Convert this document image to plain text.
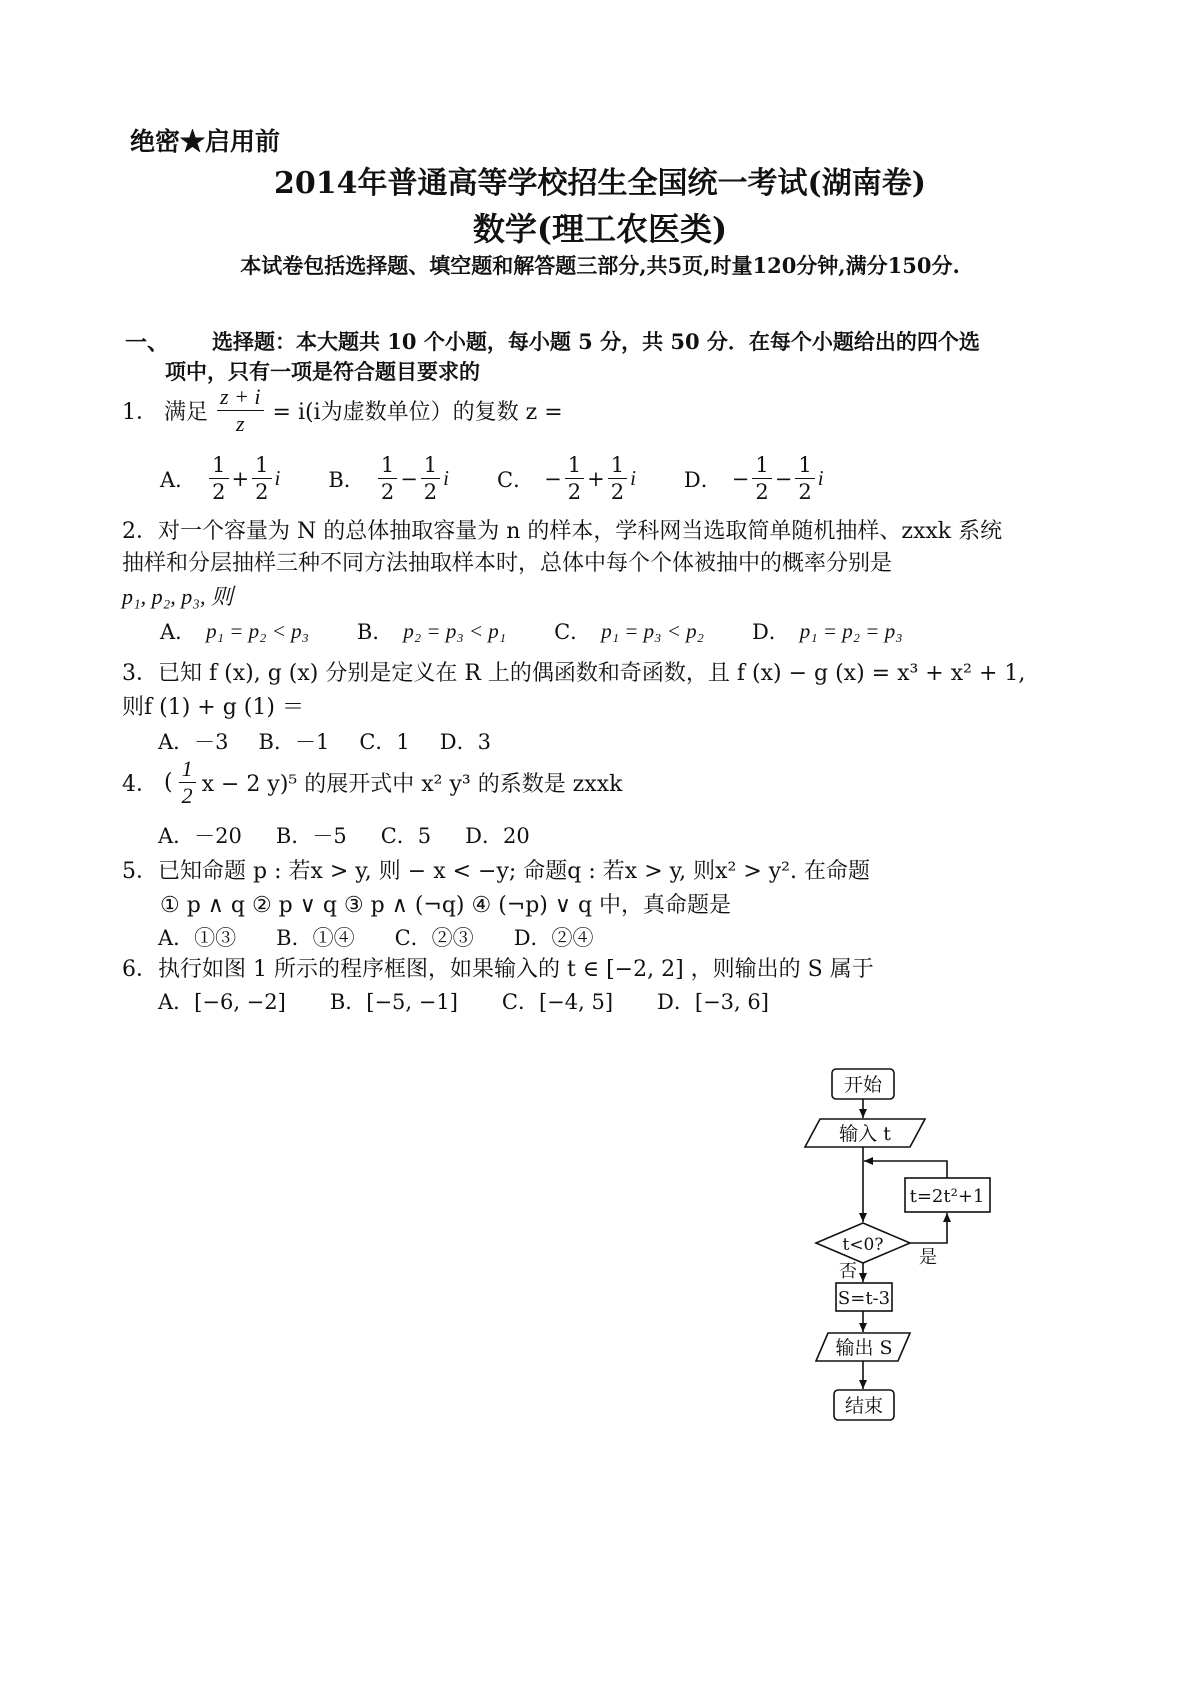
绝密★启用前
2014年普通高等学校招生全国统一考试(湖南卷)
数学(理工农医类)
本试卷包括选择题、填空题和解答题三部分,共5页,时量120分钟,满分150分.
一、 选择题：本大题共 10 个小题，每小题 5 分，共 50 分．在每个小题给出的四个选
项中，只有一项是符合题目要求的
1． 满足 $\frac{z + i}{z} = i(i$为虚数单位）的复数 z =
A． $\frac{1}{2} + \frac{1}{2}$ i B． $\frac{1}{2} - \frac{1}{2}$ i C． − $\frac{1}{2} + \frac{1}{2}$ i D． − $\frac{1}{2} - \frac{1}{2}$ i
2．对一个容量为 N 的总体抽取容量为 n 的样本，学科网当选取简单随机抽样、zxxk 系统
抽样和分层抽样三种不同方法抽取样本时，总体中每个个体被抽中的概率分别是
p₁, p₂, p₃, 则
A． p₁ = p₂ < p₃ B． p₂ = p₃ < p₁ C． p₁ = p₃ < p₂ D． p₁ = p₂ = p₃
3．已知 f (x), g (x) 分别是定义在 R 上的偶函数和奇函数，且 f (x) − g (x) = x³ + x² + 1,
则f (1) + g (1) ＝
A．－3 B．－1 C．1 D．3
4． ( $\frac{1}{2}$ x − 2 y)⁵ 的展开式中 x² y³ 的系数是 zxxk
A．－20 B．－5 C．5 D．20
5．已知命题 p : 若x > y, 则 − x < −y; 命题q : 若x > y, 则x² > y². 在命题
① p ∧ q ② p ∨ q ③ p ∧ (¬q) ④ (¬p) ∨ q 中，真命题是
A．①③ B．①④ C．②③ D．②④
6．执行如图 1 所示的程序框图，如果输入的 t ∈ [−2, 2] ，则输出的 S 属于
A．[−6, −2] B．[−5, −1] C．[−4, 5] D．[−3, 6]
开始
输入 t
t=2t²+1
t<0?
是
否
S=t-3
输出 S
结束
